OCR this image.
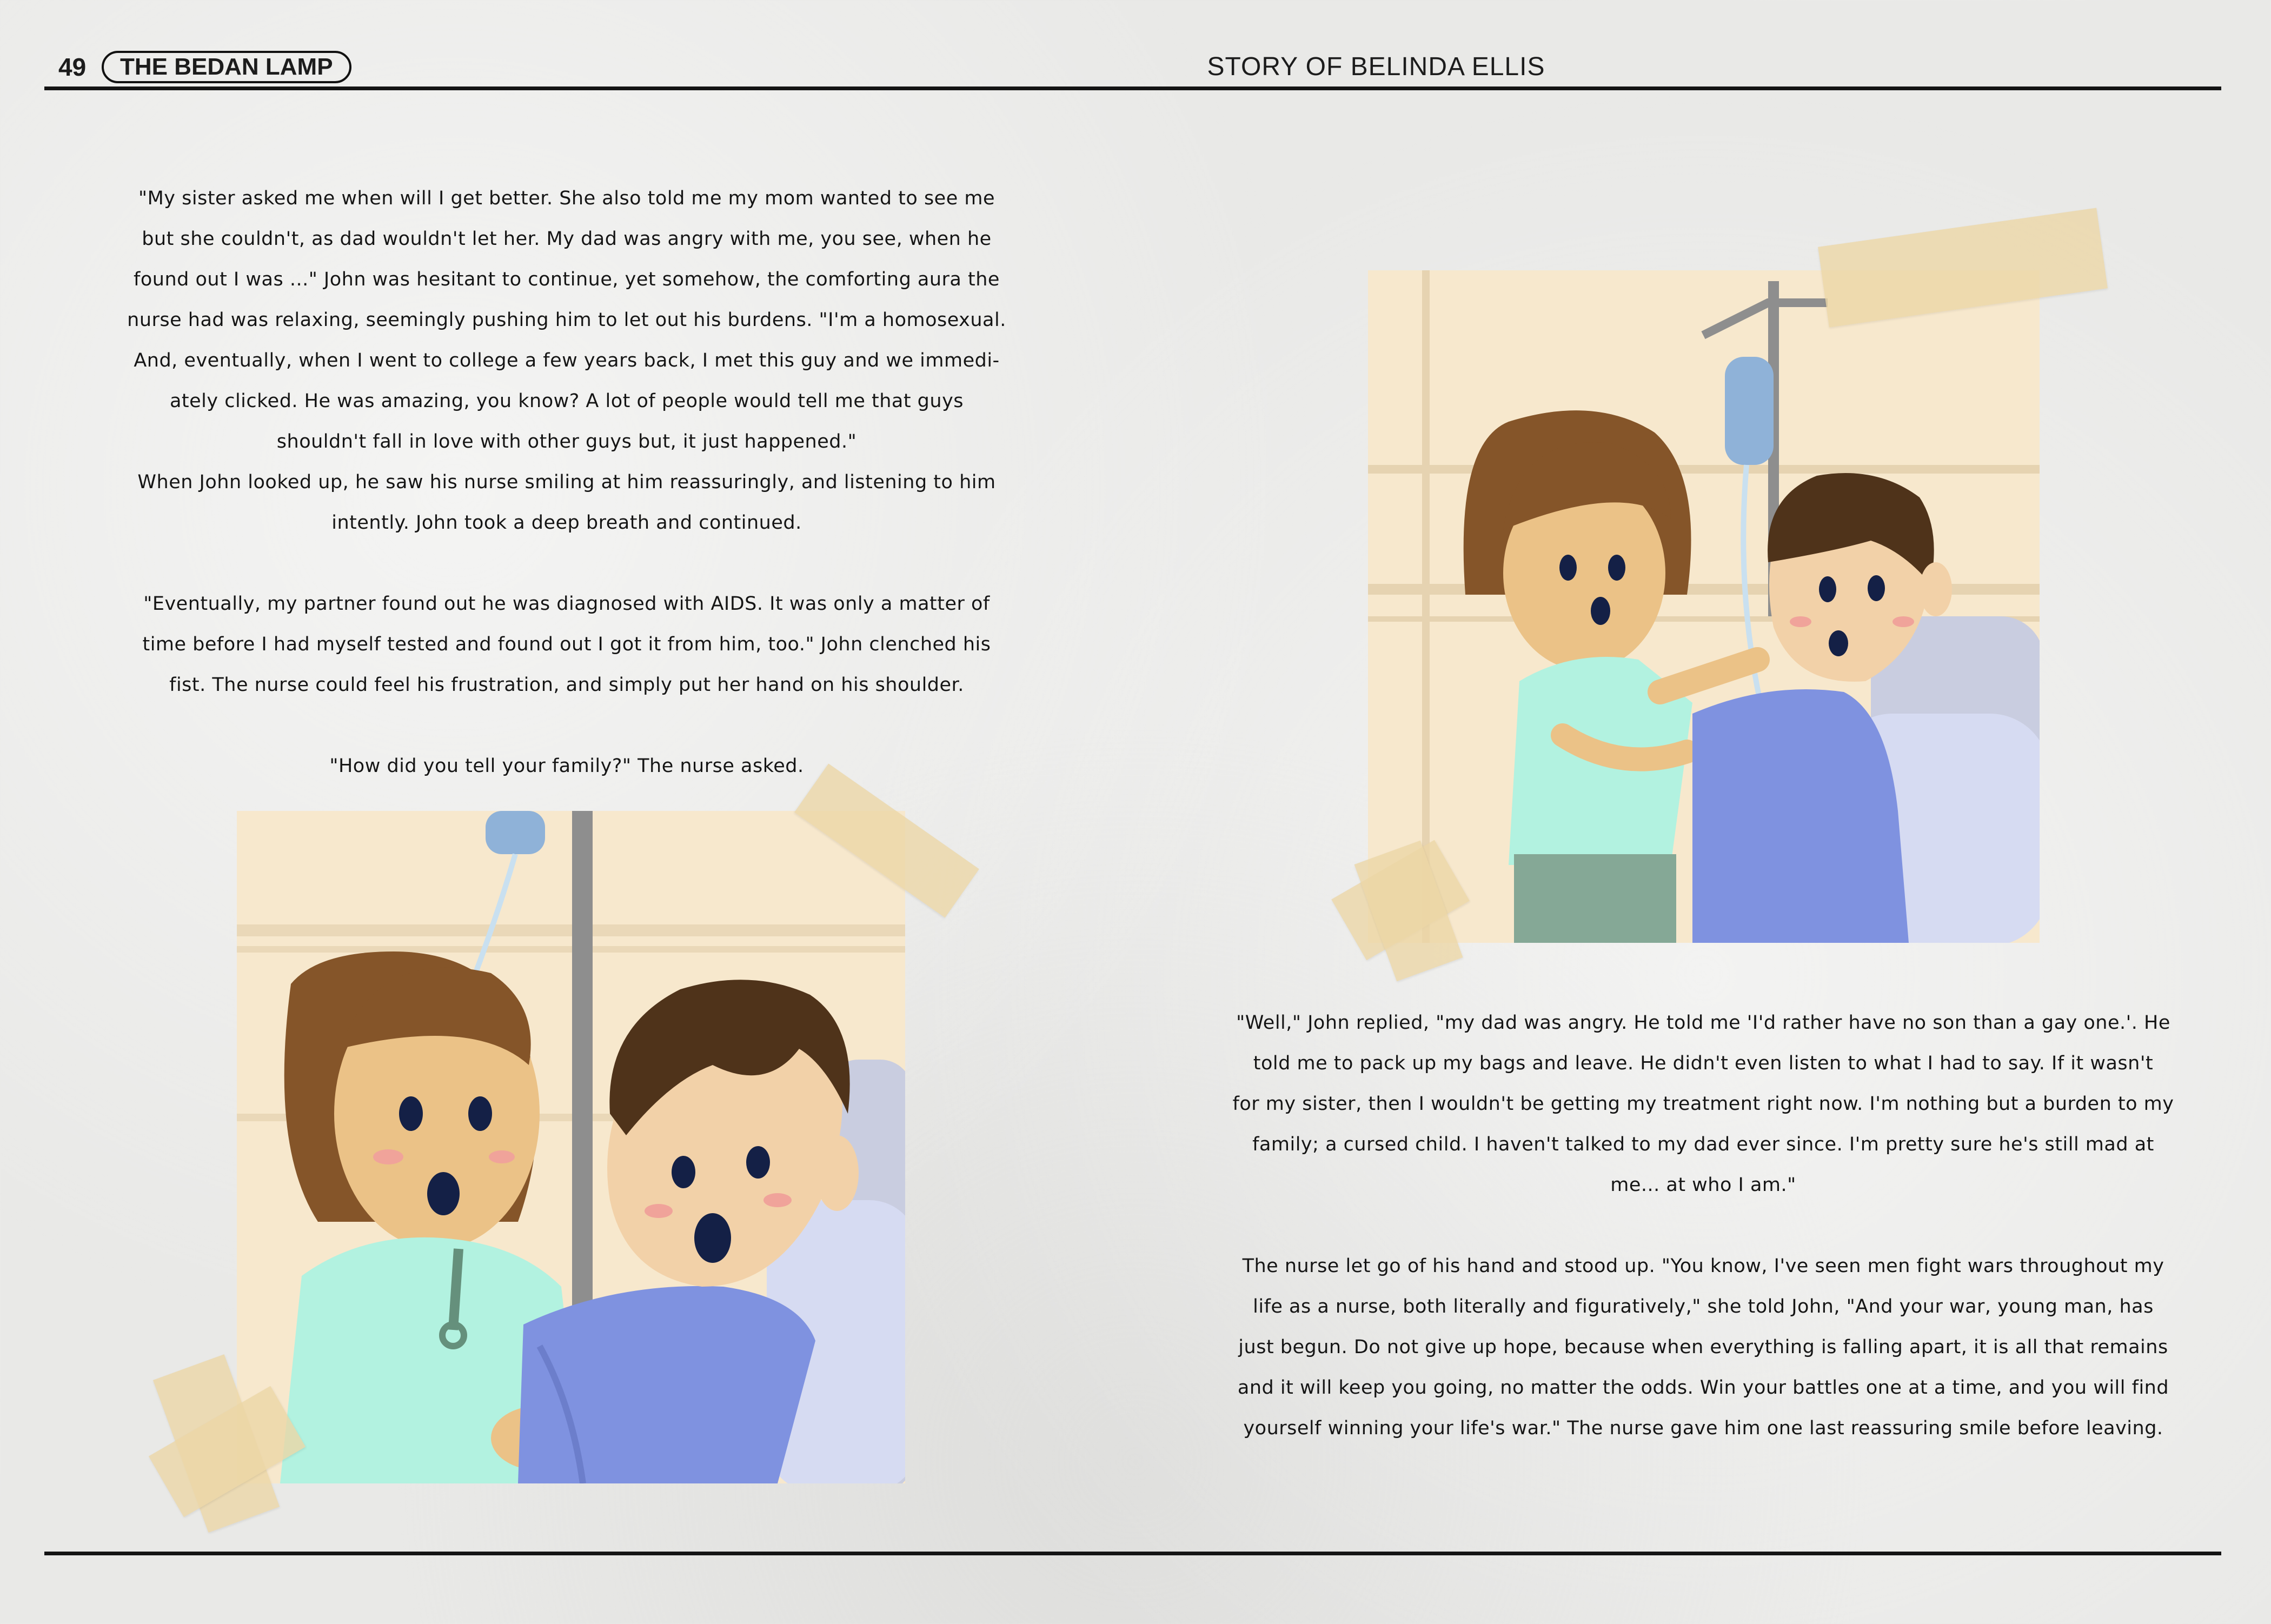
49	THE BEDAN LAMP	STORY OF BELINDA ELLIS

"My sister asked me when will I get better. She also told me my mom wanted to see me

but she couldn't, as dad wouldn't let her. My dad was angry with me, you see, when he

found out I was ..." John was hesitant to continue, yet somehow, the comforting aura the

nurse had was relaxing, seemingly pushing him to let out his burdens. "I'm a homosexual.

And, eventually, when I went to college a few years back, I met this guy and we immedi-

ately clicked. He was amazing, you know? A lot of people would tell me that guys

shouldn't fall in love with other guys but, it just happened."

When John looked up, he saw his nurse smiling at him reassuringly, and listening to him

intently. John took a deep breath and continued.

"Eventually, my partner found out he was diagnosed with AIDS. It was only a matter of

time before I had myself tested and found out I got it from him, too." John clenched his

fist. The nurse could feel his frustration, and simply put her hand on his shoulder.

"How did you tell your family?" The nurse asked.

"Well," John replied, "my dad was angry. He told me 'I'd rather have no son than a gay one.'. He

told me to pack up my bags and leave. He didn't even listen to what I had to say. If it wasn't

for my sister, then I wouldn't be getting my treatment right now. I'm nothing but a burden to my

family; a cursed child. I haven't talked to my dad ever since. I'm pretty sure he's still mad at

me... at who I am."

The nurse let go of his hand and stood up. "You know, I've seen men fight wars throughout my

life as a nurse, both literally and figuratively," she told John, "And your war, young man, has

just begun. Do not give up hope, because when everything is falling apart, it is all that remains

and it will keep you going, no matter the odds. Win your battles one at a time, and you will find

yourself winning your life's war." The nurse gave him one last reassuring smile before leaving.
